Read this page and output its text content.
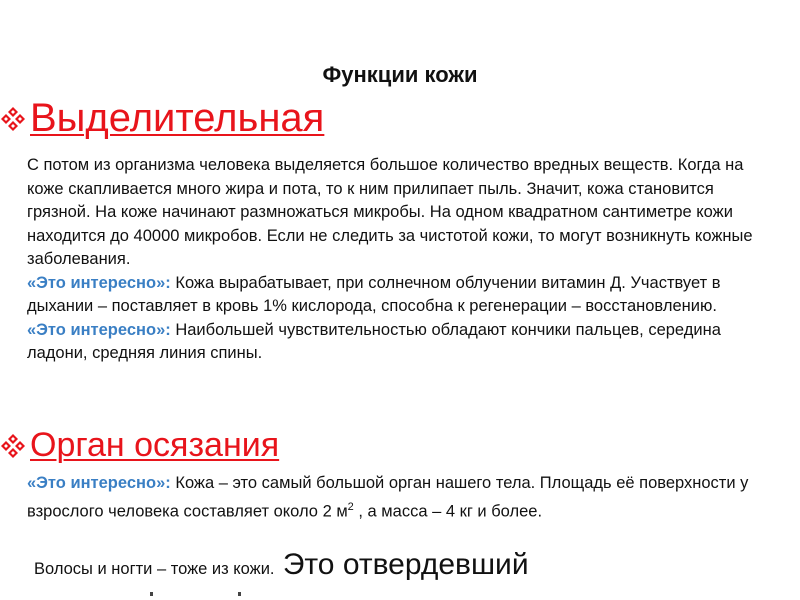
Функции кожи
Выделительная

С потом из организма человека выделяется большое количество вредных веществ. Когда на коже скапливается много жира и пота, то к ним прилипает пыль. Значит, кожа становится грязной. На коже начинают размножаться микробы. На одном квадратном сантиметре кожи находится до 40000 микробов. Если не следить за чистотой кожи, то могут возникнуть кожные заболевания.

«Это интересно»: Кожа вырабатывает, при солнечном облучении витамин Д. Участвует в дыхании – поставляет в кровь 1% кислорода, способна к регенерации – восстановлению.

«Это интересно»: Наибольшей чувствительностью обладают кончики пальцев, середина ладони, средняя линия спины.

Орган осязания

«Это интересно»: Кожа – это самый большой орган нашего тела. Площадь её поверхности у взрослого человека составляет около 2 $м^2$ , а масса – 4 кг и более.

Волосы и ногти – тоже из кожи. Это отвердевший
